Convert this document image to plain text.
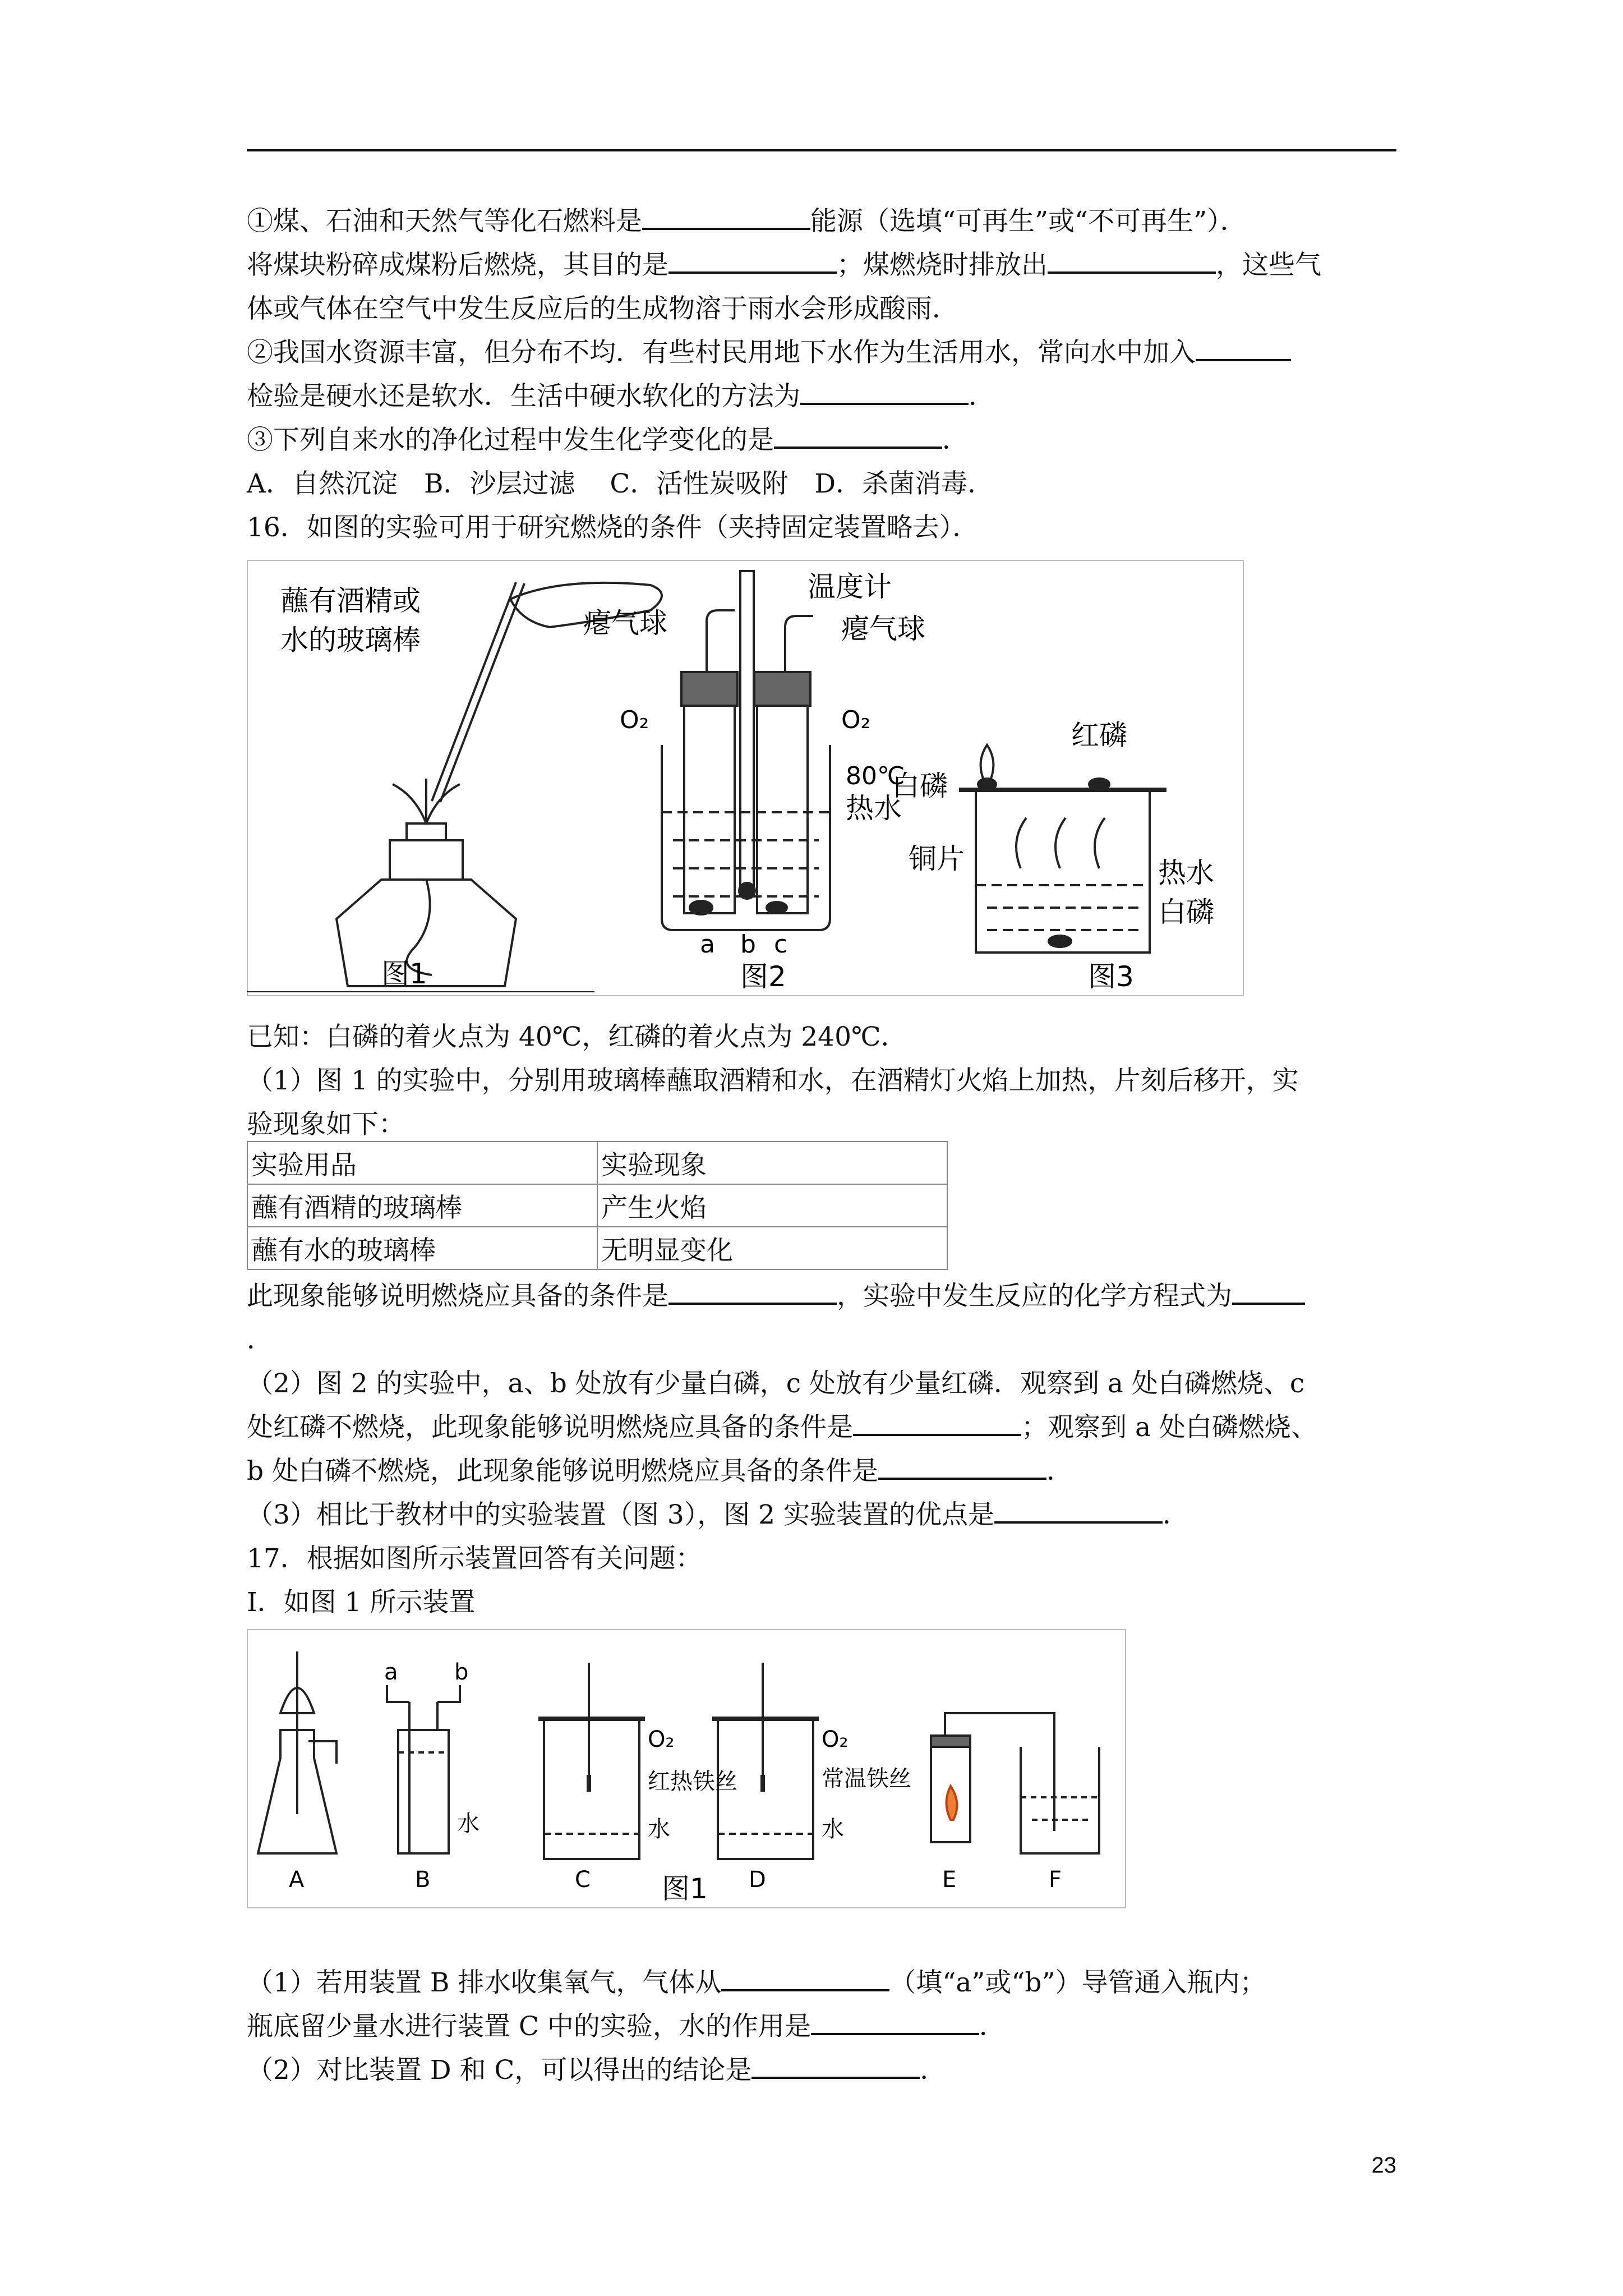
①煤、石油和天然气等化石燃料是	能源（选填“可再生”或“不可再生”）．
将煤块粉碎成煤粉后燃烧，其目的是	；煤燃烧时排放出	，这些气
体或气体在空气中发生反应后的生成物溶于雨水会形成酸雨．
②我国水资源丰富，但分布不均．有些村民用地下水作为生活用水，常向水中加入
检验是硬水还是软水．生活中硬水软化的方法为	．
③下列自来水的净化过程中发生化学变化的是	．
A．自然沉淀　B．沙层过滤　 C．活性炭吸附　D．杀菌消毒．
16．如图的实验可用于研究燃烧的条件（夹持固定装置略去）．
蘸有酒精或
水的玻璃棒
图1
温度计
瘪气球	瘪气球
O₂	O₂
80℃
热水
a b c
图2
红磷
白磷
铜片	热水
白磷
图3
已知：白磷的着火点为 40℃，红磷的着火点为 240℃．
（1）图 1 的实验中，分别用玻璃棒蘸取酒精和水，在酒精灯火焰上加热，片刻后移开，实
验现象如下：
实验用品	实验现象
蘸有酒精的玻璃棒	产生火焰
蘸有水的玻璃棒	无明显变化
此现象能够说明燃烧应具备的条件是	，实验中发生反应的化学方程式为
．
（2）图 2 的实验中，a、b 处放有少量白磷，c 处放有少量红磷．观察到 a 处白磷燃烧、c
处红磷不燃烧，此现象能够说明燃烧应具备的条件是	；观察到 a 处白磷燃烧、
b 处白磷不燃烧，此现象能够说明燃烧应具备的条件是	．
（3）相比于教材中的实验装置（图 3），图 2 实验装置的优点是	．
17．根据如图所示装置回答有关问题：
Ⅰ．如图 1 所示装置
a	b
水
O₂
红热铁丝
水
O₂
常温铁丝
水
A	B	C	D	E	F
图1
（1）若用装置 B 排水收集氧气，气体从	（填“a”或“b”）导管通入瓶内；
瓶底留少量水进行装置 C 中的实验，水的作用是	．
（2）对比装置 D 和 C，可以得出的结论是	．
23
